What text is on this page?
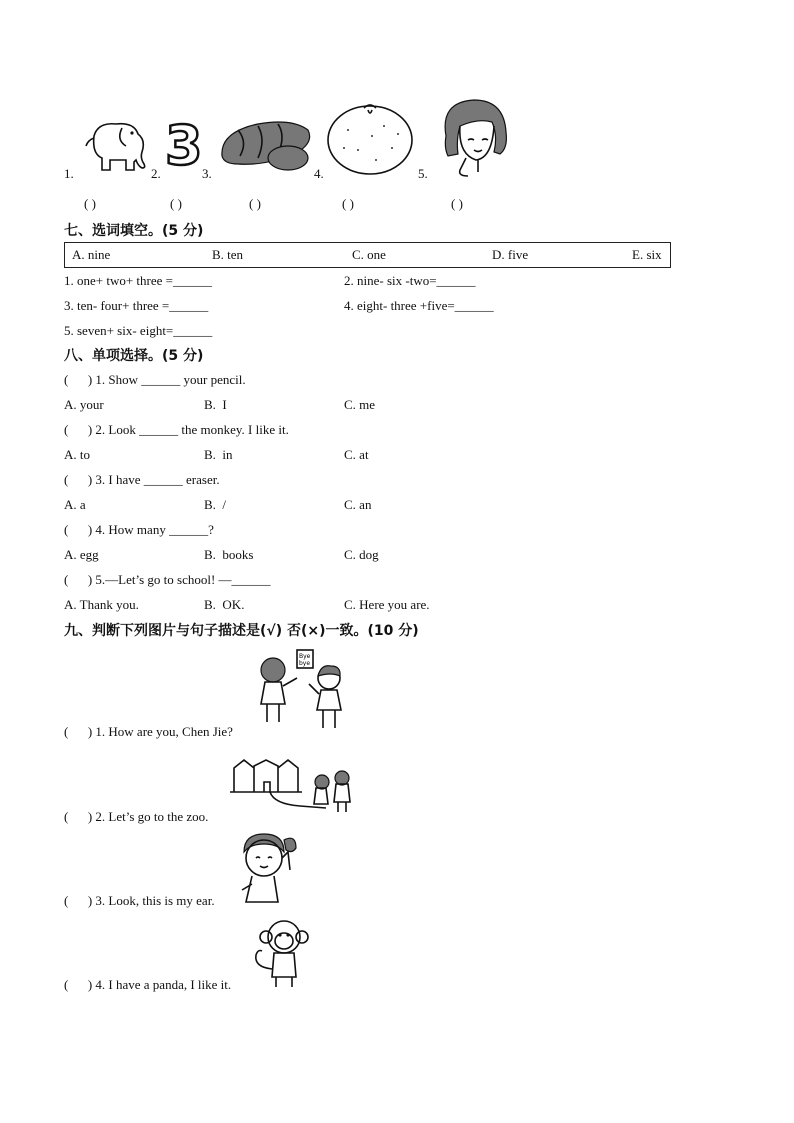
1.	2. 3 3.	4.	5.
( )	( )	( )	( )	( )
七、选词填空。(5 分)
A. nine	B. ten	C. one	D. five	E. six
1. one+ two+ three =______	2. nine- six -two=______
3. ten- four+ three =______	4. eight- three +five=______
5. seven+ six- eight=______
八、单项选择。(5 分)
(      ) 1. Show ______ your pencil.
A. your	B.  I	C. me
(      ) 2. Look ______ the monkey. I like it.
A. to	B.  in	C. at
(      ) 3. I have ______ eraser.
A. a	B.  /	C. an
(      ) 4. How many ______?
A. egg	B.  books	C. dog
(      ) 5.—Let’s go to school! —______
A. Thank you.	B.  OK.	C. Here you are.
九、判断下列图片与句子描述是(√) 否(×)一致。(10 分)
Bye
bye
(      ) 1. How are you, Chen Jie?
(      ) 2. Let’s go to the zoo.
(      ) 3. Look, this is my ear.
(      ) 4. I have a panda, I like it.
